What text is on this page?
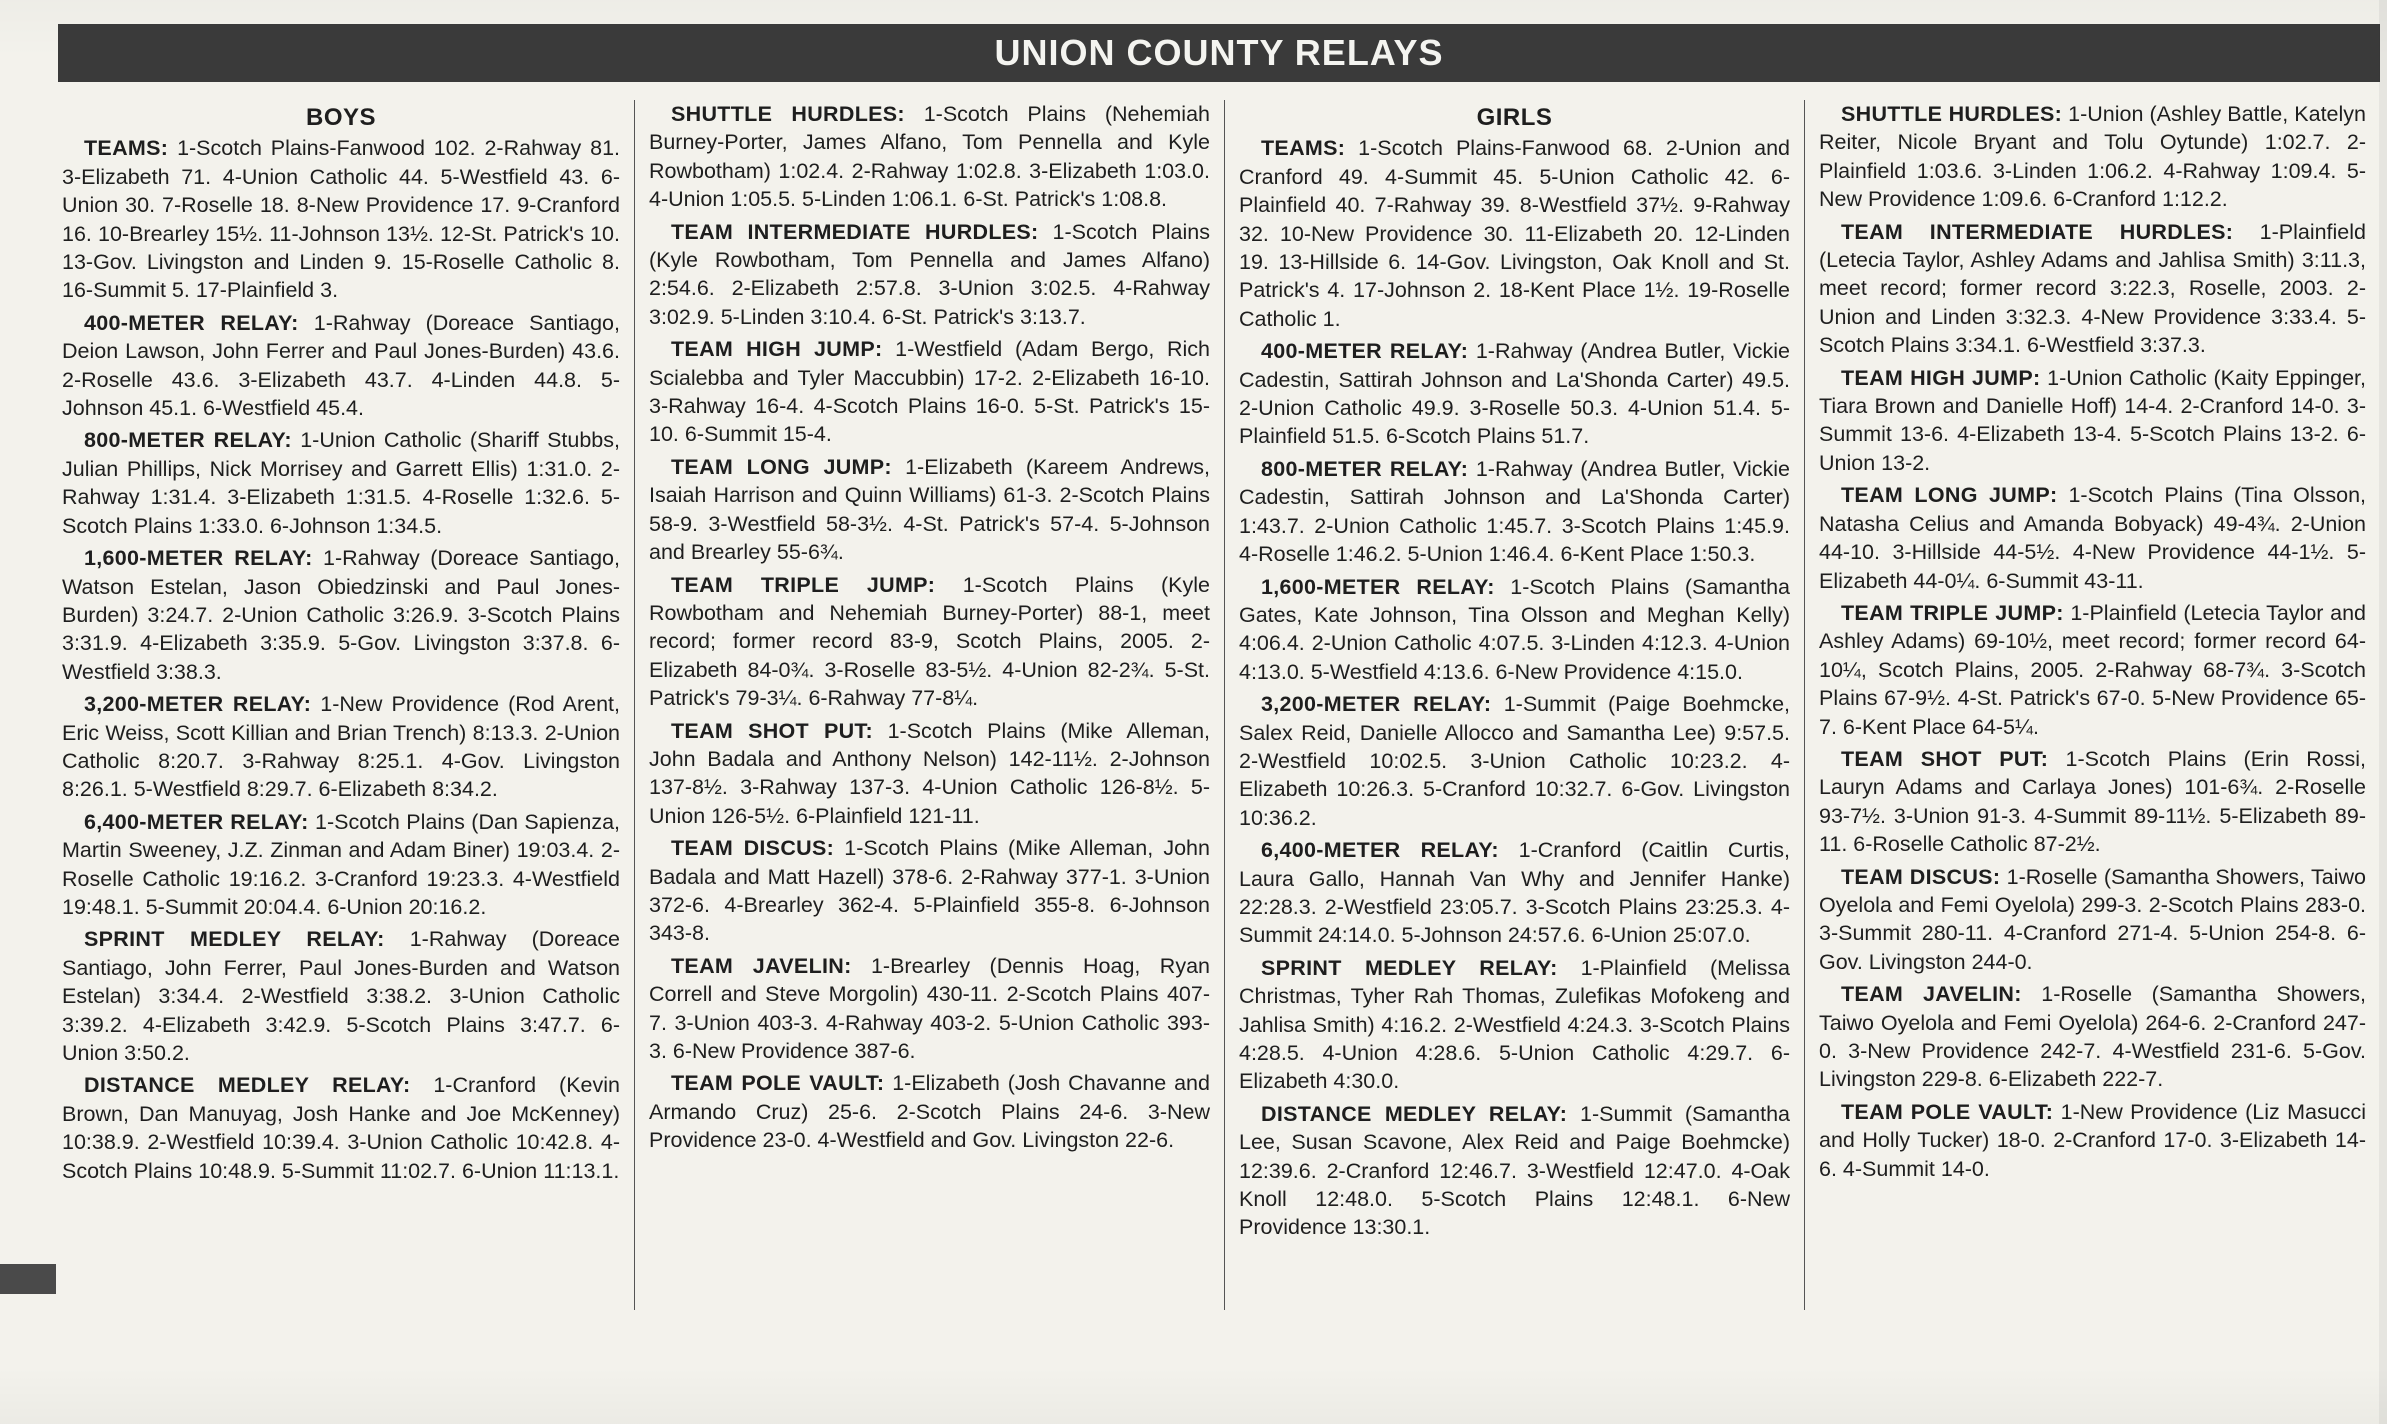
UNION COUNTY RELAYS
BOYS

TEAMS: 1-Scotch Plains-Fanwood 102. 2-Rahway 81. 3-Elizabeth 71. 4-Union Catholic 44. 5-Westfield 43. 6-Union 30. 7-Roselle 18. 8-New Providence 17. 9-Cranford 16. 10-Brearley 15½. 11-Johnson 13½. 12-St. Patrick's 10. 13-Gov. Livingston and Linden 9. 15-Roselle Catholic 8. 16-Summit 5. 17-Plainfield 3.

400-METER RELAY: 1-Rahway (Doreace Santiago, Deion Lawson, John Ferrer and Paul Jones-Burden) 43.6. 2-Roselle 43.6. 3-Elizabeth 43.7. 4-Linden 44.8. 5-Johnson 45.1. 6-Westfield 45.4.

800-METER RELAY: 1-Union Catholic (Shariff Stubbs, Julian Phillips, Nick Morrisey and Garrett Ellis) 1:31.0. 2-Rahway 1:31.4. 3-Elizabeth 1:31.5. 4-Roselle 1:32.6. 5-Scotch Plains 1:33.0. 6-Johnson 1:34.5.

1,600-METER RELAY: 1-Rahway (Doreace Santiago, Watson Estelan, Jason Obiedzinski and Paul Jones-Burden) 3:24.7. 2-Union Catholic 3:26.9. 3-Scotch Plains 3:31.9. 4-Elizabeth 3:35.9. 5-Gov. Livingston 3:37.8. 6-Westfield 3:38.3.

3,200-METER RELAY: 1-New Providence (Rod Arent, Eric Weiss, Scott Killian and Brian Trench) 8:13.3. 2-Union Catholic 8:20.7. 3-Rahway 8:25.1. 4-Gov. Livingston 8:26.1. 5-Westfield 8:29.7. 6-Elizabeth 8:34.2.

6,400-METER RELAY: 1-Scotch Plains (Dan Sapienza, Martin Sweeney, J.Z. Zinman and Adam Biner) 19:03.4. 2-Roselle Catholic 19:16.2. 3-Cranford 19:23.3. 4-Westfield 19:48.1. 5-Summit 20:04.4. 6-Union 20:16.2.

SPRINT MEDLEY RELAY: 1-Rahway (Doreace Santiago, John Ferrer, Paul Jones-Burden and Watson Estelan) 3:34.4. 2-Westfield 3:38.2. 3-Union Catholic 3:39.2. 4-Elizabeth 3:42.9. 5-Scotch Plains 3:47.7. 6-Union 3:50.2.

DISTANCE MEDLEY RELAY: 1-Cranford (Kevin Brown, Dan Manuyag, Josh Hanke and Joe McKenney) 10:38.9. 2-Westfield 10:39.4. 3-Union Catholic 10:42.8. 4-Scotch Plains 10:48.9. 5-Summit 11:02.7. 6-Union 11:13.1.

SHUTTLE HURDLES: 1-Scotch Plains (Nehemiah Burney-Porter, James Alfano, Tom Pennella and Kyle Rowbotham) 1:02.4. 2-Rahway 1:02.8. 3-Elizabeth 1:03.0. 4-Union 1:05.5. 5-Linden 1:06.1. 6-St. Patrick's 1:08.8.

TEAM INTERMEDIATE HURDLES: 1-Scotch Plains (Kyle Rowbotham, Tom Pennella and James Alfano) 2:54.6. 2-Elizabeth 2:57.8. 3-Union 3:02.5. 4-Rahway 3:02.9. 5-Linden 3:10.4. 6-St. Patrick's 3:13.7.

TEAM HIGH JUMP: 1-Westfield (Adam Bergo, Rich Scialebba and Tyler Maccubbin) 17-2. 2-Elizabeth 16-10. 3-Rahway 16-4. 4-Scotch Plains 16-0. 5-St. Patrick's 15-10. 6-Summit 15-4.

TEAM LONG JUMP: 1-Elizabeth (Kareem Andrews, Isaiah Harrison and Quinn Williams) 61-3. 2-Scotch Plains 58-9. 3-Westfield 58-3½. 4-St. Patrick's 57-4. 5-Johnson and Brearley 55-6¾.

TEAM TRIPLE JUMP: 1-Scotch Plains (Kyle Rowbotham and Nehemiah Burney-Porter) 88-1, meet record; former record 83-9, Scotch Plains, 2005. 2-Elizabeth 84-0¾. 3-Roselle 83-5½. 4-Union 82-2¾. 5-St. Patrick's 79-3¼. 6-Rahway 77-8¼.

TEAM SHOT PUT: 1-Scotch Plains (Mike Alleman, John Badala and Anthony Nelson) 142-11½. 2-Johnson 137-8½. 3-Rahway 137-3. 4-Union Catholic 126-8½. 5-Union 126-5½. 6-Plainfield 121-11.

TEAM DISCUS: 1-Scotch Plains (Mike Alleman, John Badala and Matt Hazell) 378-6. 2-Rahway 377-1. 3-Union 372-6. 4-Brearley 362-4. 5-Plainfield 355-8. 6-Johnson 343-8.

TEAM JAVELIN: 1-Brearley (Dennis Hoag, Ryan Correll and Steve Morgolin) 430-11. 2-Scotch Plains 407-7. 3-Union 403-3. 4-Rahway 403-2. 5-Union Catholic 393-3. 6-New Providence 387-6.

TEAM POLE VAULT: 1-Elizabeth (Josh Chavanne and Armando Cruz) 25-6. 2-Scotch Plains 24-6. 3-New Providence 23-0. 4-Westfield and Gov. Livingston 22-6.

GIRLS

TEAMS: 1-Scotch Plains-Fanwood 68. 2-Union and Cranford 49. 4-Summit 45. 5-Union Catholic 42. 6-Plainfield 40. 7-Rahway 39. 8-Westfield 37½. 9-Rahway 32. 10-New Providence 30. 11-Elizabeth 20. 12-Linden 19. 13-Hillside 6. 14-Gov. Livingston, Oak Knoll and St. Patrick's 4. 17-Johnson 2. 18-Kent Place 1½. 19-Roselle Catholic 1.

400-METER RELAY: 1-Rahway (Andrea Butler, Vickie Cadestin, Sattirah Johnson and La'Shonda Carter) 49.5. 2-Union Catholic 49.9. 3-Roselle 50.3. 4-Union 51.4. 5-Plainfield 51.5. 6-Scotch Plains 51.7.

800-METER RELAY: 1-Rahway (Andrea Butler, Vickie Cadestin, Sattirah Johnson and La'Shonda Carter) 1:43.7. 2-Union Catholic 1:45.7. 3-Scotch Plains 1:45.9. 4-Roselle 1:46.2. 5-Union 1:46.4. 6-Kent Place 1:50.3.

1,600-METER RELAY: 1-Scotch Plains (Samantha Gates, Kate Johnson, Tina Olsson and Meghan Kelly) 4:06.4. 2-Union Catholic 4:07.5. 3-Linden 4:12.3. 4-Union 4:13.0. 5-Westfield 4:13.6. 6-New Providence 4:15.0.

3,200-METER RELAY: 1-Summit (Paige Boehmcke, Salex Reid, Danielle Allocco and Samantha Lee) 9:57.5. 2-Westfield 10:02.5. 3-Union Catholic 10:23.2. 4-Elizabeth 10:26.3. 5-Cranford 10:32.7. 6-Gov. Livingston 10:36.2.

6,400-METER RELAY: 1-Cranford (Caitlin Curtis, Laura Gallo, Hannah Van Why and Jennifer Hanke) 22:28.3. 2-Westfield 23:05.7. 3-Scotch Plains 23:25.3. 4-Summit 24:14.0. 5-Johnson 24:57.6. 6-Union 25:07.0.

SPRINT MEDLEY RELAY: 1-Plainfield (Melissa Christmas, Tyher Rah Thomas, Zulefikas Mofokeng and Jahlisa Smith) 4:16.2. 2-Westfield 4:24.3. 3-Scotch Plains 4:28.5. 4-Union 4:28.6. 5-Union Catholic 4:29.7. 6-Elizabeth 4:30.0.

DISTANCE MEDLEY RELAY: 1-Summit (Samantha Lee, Susan Scavone, Alex Reid and Paige Boehmcke) 12:39.6. 2-Cranford 12:46.7. 3-Westfield 12:47.0. 4-Oak Knoll 12:48.0. 5-Scotch Plains 12:48.1. 6-New Providence 13:30.1.

SHUTTLE HURDLES: 1-Union (Ashley Battle, Katelyn Reiter, Nicole Bryant and Tolu Oytunde) 1:02.7. 2-Plainfield 1:03.6. 3-Linden 1:06.2. 4-Rahway 1:09.4. 5-New Providence 1:09.6. 6-Cranford 1:12.2.

TEAM INTERMEDIATE HURDLES: 1-Plainfield (Letecia Taylor, Ashley Adams and Jahlisa Smith) 3:11.3, meet record; former record 3:22.3, Roselle, 2003. 2-Union and Linden 3:32.3. 4-New Providence 3:33.4. 5-Scotch Plains 3:34.1. 6-Westfield 3:37.3.

TEAM HIGH JUMP: 1-Union Catholic (Kaity Eppinger, Tiara Brown and Danielle Hoff) 14-4. 2-Cranford 14-0. 3-Summit 13-6. 4-Elizabeth 13-4. 5-Scotch Plains 13-2. 6-Union 13-2.

TEAM LONG JUMP: 1-Scotch Plains (Tina Olsson, Natasha Celius and Amanda Bobyack) 49-4¾. 2-Union 44-10. 3-Hillside 44-5½. 4-New Providence 44-1½. 5-Elizabeth 44-0¼. 6-Summit 43-11.

TEAM TRIPLE JUMP: 1-Plainfield (Letecia Taylor and Ashley Adams) 69-10½, meet record; former record 64-10¼, Scotch Plains, 2005. 2-Rahway 68-7¾. 3-Scotch Plains 67-9½. 4-St. Patrick's 67-0. 5-New Providence 65-7. 6-Kent Place 64-5¼.

TEAM SHOT PUT: 1-Scotch Plains (Erin Rossi, Lauryn Adams and Carlaya Jones) 101-6¾. 2-Roselle 93-7½. 3-Union 91-3. 4-Summit 89-11½. 5-Elizabeth 89-11. 6-Roselle Catholic 87-2½.

TEAM DISCUS: 1-Roselle (Samantha Showers, Taiwo Oyelola and Femi Oyelola) 299-3. 2-Scotch Plains 283-0. 3-Summit 280-11. 4-Cranford 271-4. 5-Union 254-8. 6-Gov. Livingston 244-0.

TEAM JAVELIN: 1-Roselle (Samantha Showers, Taiwo Oyelola and Femi Oyelola) 264-6. 2-Cranford 247-0. 3-New Providence 242-7. 4-Westfield 231-6. 5-Gov. Livingston 229-8. 6-Elizabeth 222-7.

TEAM POLE VAULT: 1-New Providence (Liz Masucci and Holly Tucker) 18-0. 2-Cranford 17-0. 3-Elizabeth 14-6. 4-Summit 14-0.
